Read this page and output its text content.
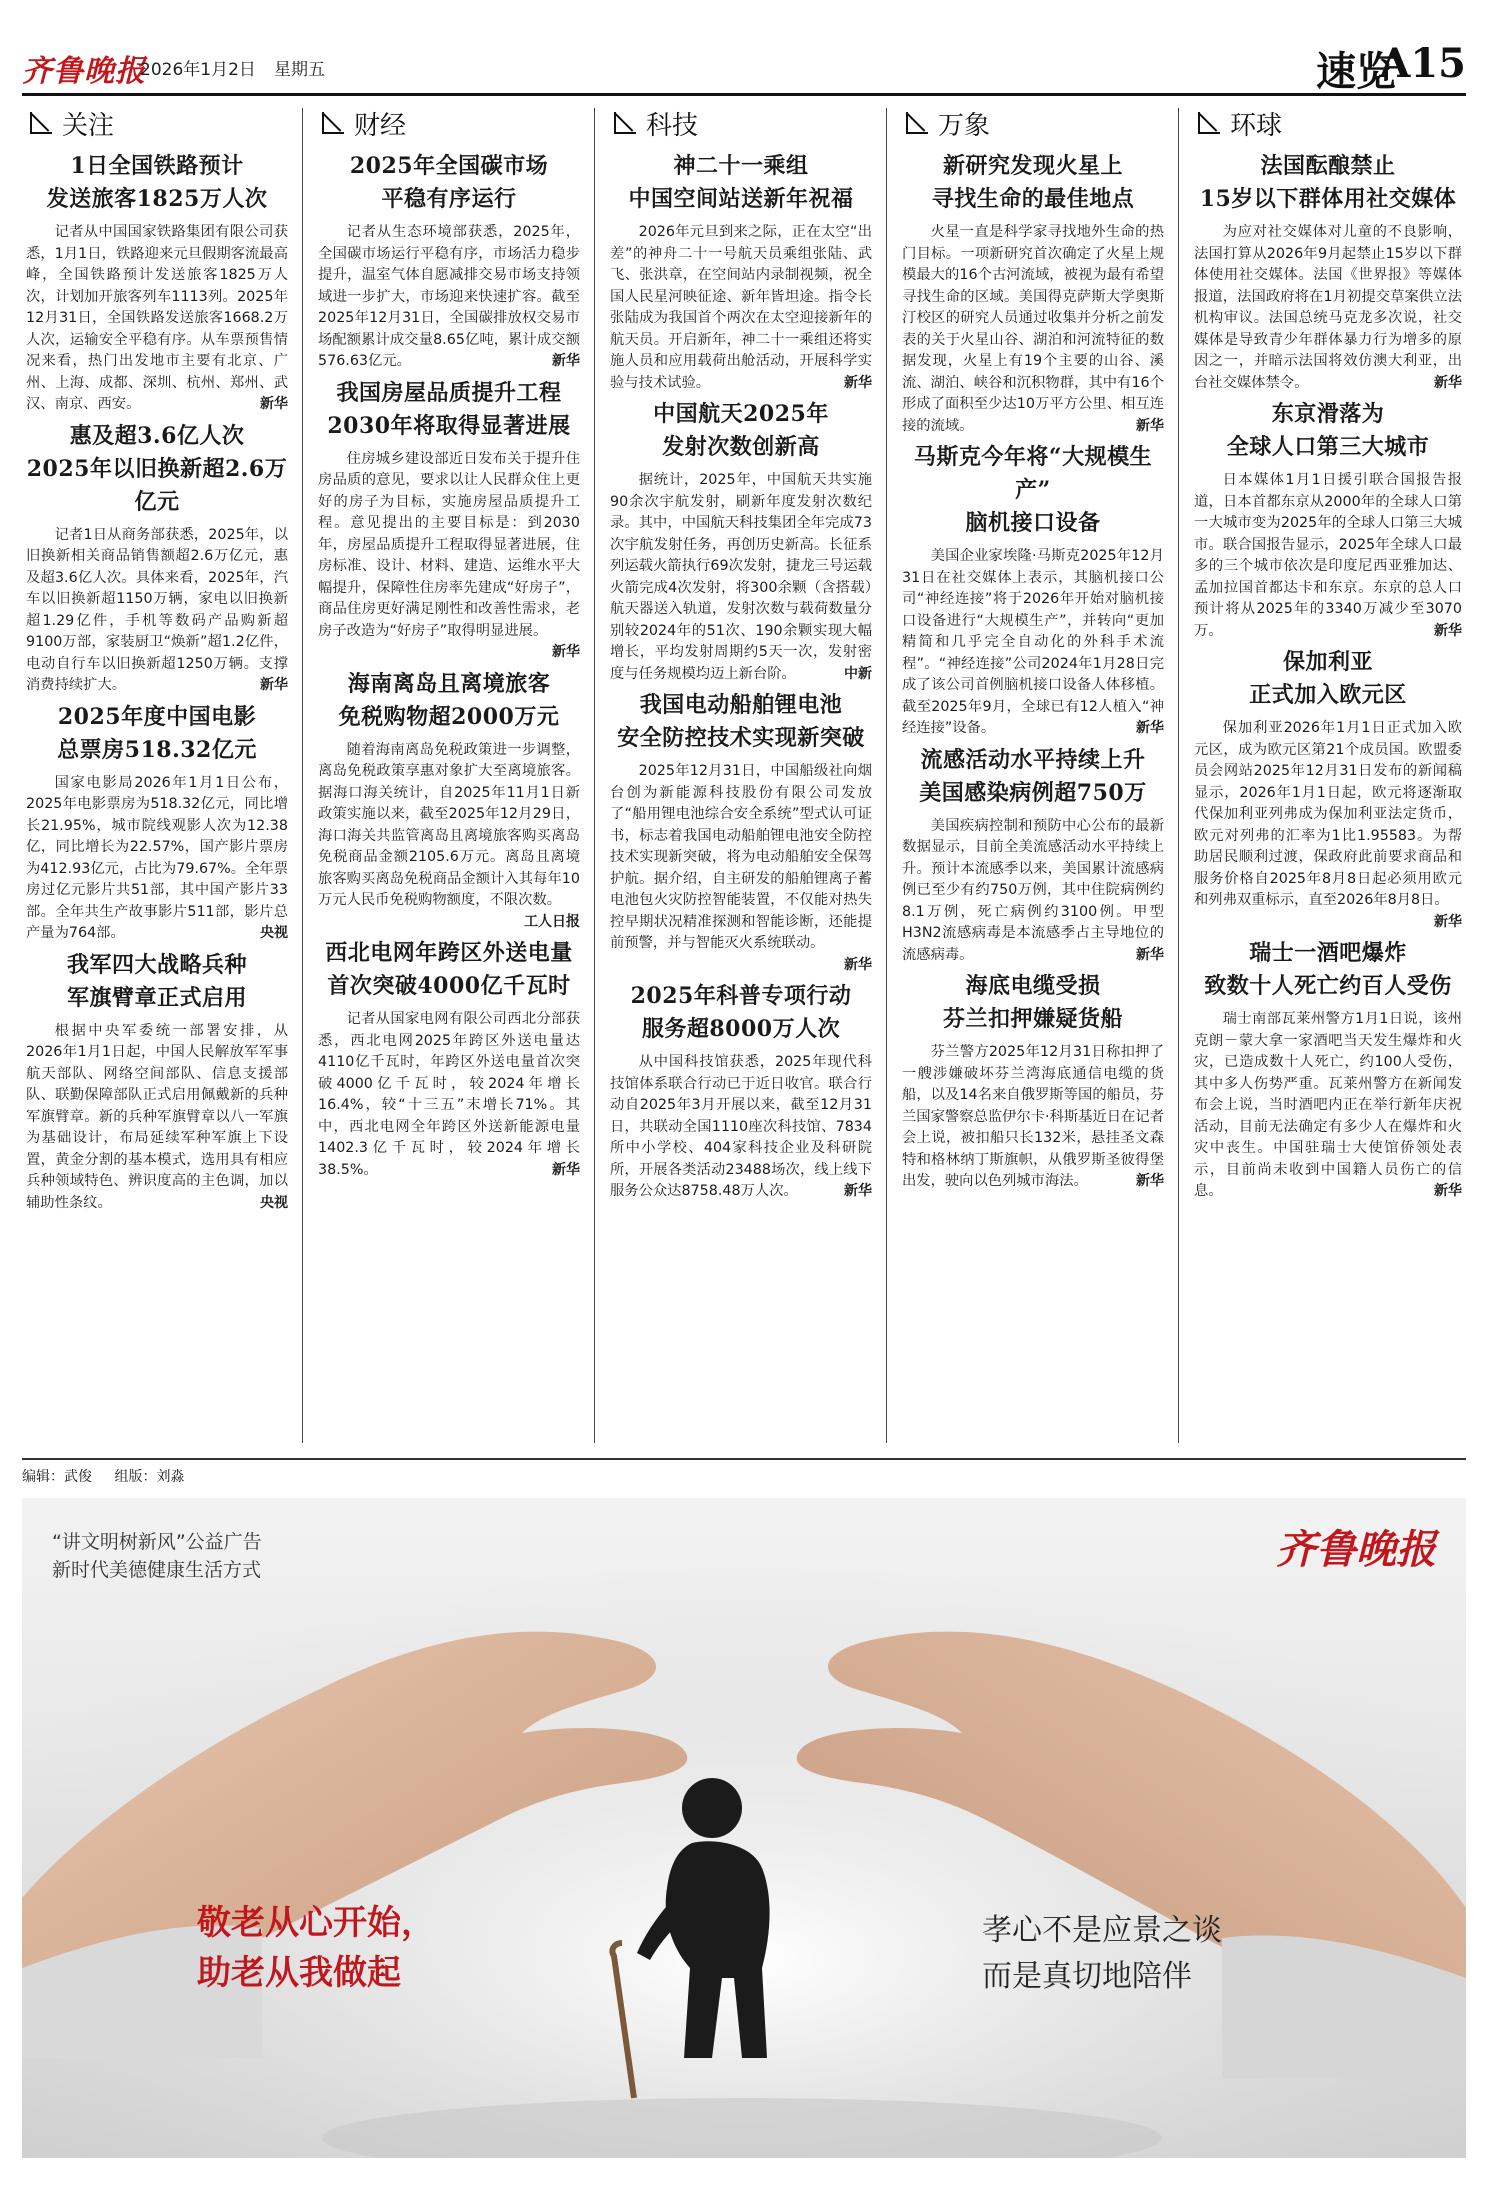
齐鲁晚报
2026年1月2日 星期五	速览
A15
关注
1日全国铁路预计
发送旅客1825万人次

记者从中国国家铁路集团有限公司获悉，1月1日，铁路迎来元旦假期客流最高峰，全国铁路预计发送旅客1825万人次，计划加开旅客列车1113列。2025年12月31日，全国铁路发送旅客1668.2万人次，运输安全平稳有序。从车票预售情况来看，热门出发地市主要有北京、广州、上海、成都、深圳、杭州、郑州、武汉、南京、西安。	新华

惠及超3.6亿人次
2025年以旧换新超2.6万亿元

记者1日从商务部获悉，2025年，以旧换新相关商品销售额超2.6万亿元，惠及超3.6亿人次。具体来看，2025年，汽车以旧换新超1150万辆，家电以旧换新超1.29亿件，手机等数码产品购新超9100万部，家装厨卫“焕新”超1.2亿件，电动自行车以旧换新超1250万辆。支撑消费持续扩大。	新华

2025年度中国电影
总票房518.32亿元

国家电影局2026年1月1日公布，2025年电影票房为518.32亿元，同比增长21.95%，城市院线观影人次为12.38亿，同比增长为22.57%，国产影片票房为412.93亿元，占比为79.67%。全年票房过亿元影片共51部，其中国产影片33部。全年共生产故事影片511部，影片总产量为764部。	央视

我军四大战略兵种
军旗臂章正式启用

根据中央军委统一部署安排，从2026年1月1日起，中国人民解放军军事航天部队、网络空间部队、信息支援部队、联勤保障部队正式启用佩戴新的兵种军旗臂章。新的兵种军旗臂章以八一军旗为基础设计，布局延续军种军旗上下设置，黄金分割的基本模式，选用具有相应兵种领域特色、辨识度高的主色调，加以辅助性条纹。	央视

财经
2025年全国碳市场
平稳有序运行

记者从生态环境部获悉，2025年，全国碳市场运行平稳有序，市场活力稳步提升，温室气体自愿减排交易市场支持领域进一步扩大，市场迎来快速扩容。截至2025年12月31日，全国碳排放权交易市场配额累计成交量8.65亿吨，累计成交额576.63亿元。	新华

我国房屋品质提升工程
2030年将取得显著进展

住房城乡建设部近日发布关于提升住房品质的意见，要求以让人民群众住上更好的房子为目标，实施房屋品质提升工程。意见提出的主要目标是：到2030年，房屋品质提升工程取得显著进展，住房标准、设计、材料、建造、运维水平大幅提升，保障性住房率先建成“好房子”，商品住房更好满足刚性和改善性需求，老房子改造为“好房子”取得明显进展。
新华

海南离岛且离境旅客
免税购物超2000万元

随着海南离岛免税政策进一步调整，离岛免税政策享惠对象扩大至离境旅客。据海口海关统计，自2025年11月1日新政策实施以来，截至2025年12月29日，海口海关共监管离岛且离境旅客购买离岛免税商品金额2105.6万元。离岛且离境旅客购买离岛免税商品金额计入其每年10万元人民币免税购物额度，不限次数。
工人日报

西北电网年跨区外送电量
首次突破4000亿千瓦时

记者从国家电网有限公司西北分部获悉，西北电网2025年跨区外送电量达4110亿千瓦时，年跨区外送电量首次突破4000亿千瓦时，较2024年增长16.4%，较“十三五”末增长71%。其中，西北电网全年跨区外送新能源电量1402.3亿千瓦时，较2024年增长38.5%。	新华

科技
神二十一乘组
中国空间站送新年祝福

2026年元旦到来之际，正在太空“出差”的神舟二十一号航天员乘组张陆、武飞、张洪章，在空间站内录制视频，祝全国人民星河映征途、新年皆坦途。指令长张陆成为我国首个两次在太空迎接新年的航天员。开启新年，神二十一乘组还将实施人员和应用载荷出舱活动，开展科学实验与技术试验。	新华

中国航天2025年
发射次数创新高

据统计，2025年，中国航天共实施90余次宇航发射，刷新年度发射次数纪录。其中，中国航天科技集团全年完成73次宇航发射任务，再创历史新高。长征系列运载火箭执行69次发射，捷龙三号运载火箭完成4次发射，将300余颗（含搭载）航天器送入轨道，发射次数与载荷数量分别较2024年的51次、190余颗实现大幅增长，平均发射周期约5天一次，发射密度与任务规模均迈上新台阶。	中新

我国电动船舶锂电池
安全防控技术实现新突破

2025年12月31日，中国船级社向烟台创为新能源科技股份有限公司发放了“船用锂电池综合安全系统”型式认可证书，标志着我国电动船舶锂电池安全防控技术实现新突破，将为电动船舶安全保驾护航。据介绍，自主研发的船舶锂离子蓄电池包火灾防控智能装置，不仅能对热失控早期状况精准探测和智能诊断，还能提前预警，并与智能灭火系统联动。
新华

2025年科普专项行动
服务超8000万人次

从中国科技馆获悉，2025年现代科技馆体系联合行动已于近日收官。联合行动自2025年3月开展以来，截至12月31日，共联动全国1110座次科技馆、7834所中小学校、404家科技企业及科研院所，开展各类活动23488场次，线上线下服务公众达8758.48万人次。	新华

万象
新研究发现火星上
寻找生命的最佳地点

火星一直是科学家寻找地外生命的热门目标。一项新研究首次确定了火星上规模最大的16个古河流域，被视为最有希望寻找生命的区域。美国得克萨斯大学奥斯汀校区的研究人员通过收集并分析之前发表的关于火星山谷、湖泊和河流特征的数据发现，火星上有19个主要的山谷、溪流、湖泊、峡谷和沉积物群，其中有16个形成了面积至少达10万平方公里、相互连接的流域。	新华

马斯克今年将“大规模生产”
脑机接口设备

美国企业家埃隆·马斯克2025年12月31日在社交媒体上表示，其脑机接口公司“神经连接”将于2026年开始对脑机接口设备进行“大规模生产”，并转向“更加精简和几乎完全自动化的外科手术流程”。“神经连接”公司2024年1月28日完成了该公司首例脑机接口设备人体移植。截至2025年9月，全球已有12人植入“神经连接”设备。	新华

流感活动水平持续上升
美国感染病例超750万

美国疾病控制和预防中心公布的最新数据显示，目前全美流感活动水平持续上升。预计本流感季以来，美国累计流感病例已至少有约750万例，其中住院病例约8.1万例，死亡病例约3100例。甲型H3N2流感病毒是本流感季占主导地位的流感病毒。	新华

海底电缆受损
芬兰扣押嫌疑货船

芬兰警方2025年12月31日称扣押了一艘涉嫌破坏芬兰湾海底通信电缆的货船，以及14名来自俄罗斯等国的船员，芬兰国家警察总监伊尔卡·科斯基近日在记者会上说，被扣船只长132米，悬挂圣文森特和格林纳丁斯旗帜，从俄罗斯圣彼得堡出发，驶向以色列城市海法。	新华

环球
法国酝酿禁止
15岁以下群体用社交媒体

为应对社交媒体对儿童的不良影响，法国打算从2026年9月起禁止15岁以下群体使用社交媒体。法国《世界报》等媒体报道，法国政府将在1月初提交草案供立法机构审议。法国总统马克龙多次说，社交媒体是导致青少年群体暴力行为增多的原因之一，并暗示法国将效仿澳大利亚，出台社交媒体禁令。	新华

东京滑落为
全球人口第三大城市

日本媒体1月1日援引联合国报告报道，日本首都东京从2000年的全球人口第一大城市变为2025年的全球人口第三大城市。联合国报告显示，2025年全球人口最多的三个城市依次是印度尼西亚雅加达、孟加拉国首都达卡和东京。东京的总人口预计将从2025年的3340万减少至3070万。	新华

保加利亚
正式加入欧元区

保加利亚2026年1月1日正式加入欧元区，成为欧元区第21个成员国。欧盟委员会网站2025年12月31日发布的新闻稿显示，2026年1月1日起，欧元将逐渐取代保加利亚列弗成为保加利亚法定货币，欧元对列弗的汇率为1比1.95583。为帮助居民顺利过渡，保政府此前要求商品和服务价格自2025年8月8日起必须用欧元和列弗双重标示，直至2026年8月8日。
新华

瑞士一酒吧爆炸
致数十人死亡约百人受伤

瑞士南部瓦莱州警方1月1日说，该州克朗－蒙大拿一家酒吧当天发生爆炸和火灾，已造成数十人死亡，约100人受伤，其中多人伤势严重。瓦莱州警方在新闻发布会上说，当时酒吧内正在举行新年庆祝活动，目前无法确定有多少人在爆炸和火灾中丧生。中国驻瑞士大使馆侨领处表示，目前尚未收到中国籍人员伤亡的信息。	新华

编辑：武俊 组版：刘淼
“讲文明树新风”公益广告
新时代美德健康生活方式	齐鲁晚报
敬老从心开始，
助老从我做起
孝心不是应景之谈
而是真切地陪伴
